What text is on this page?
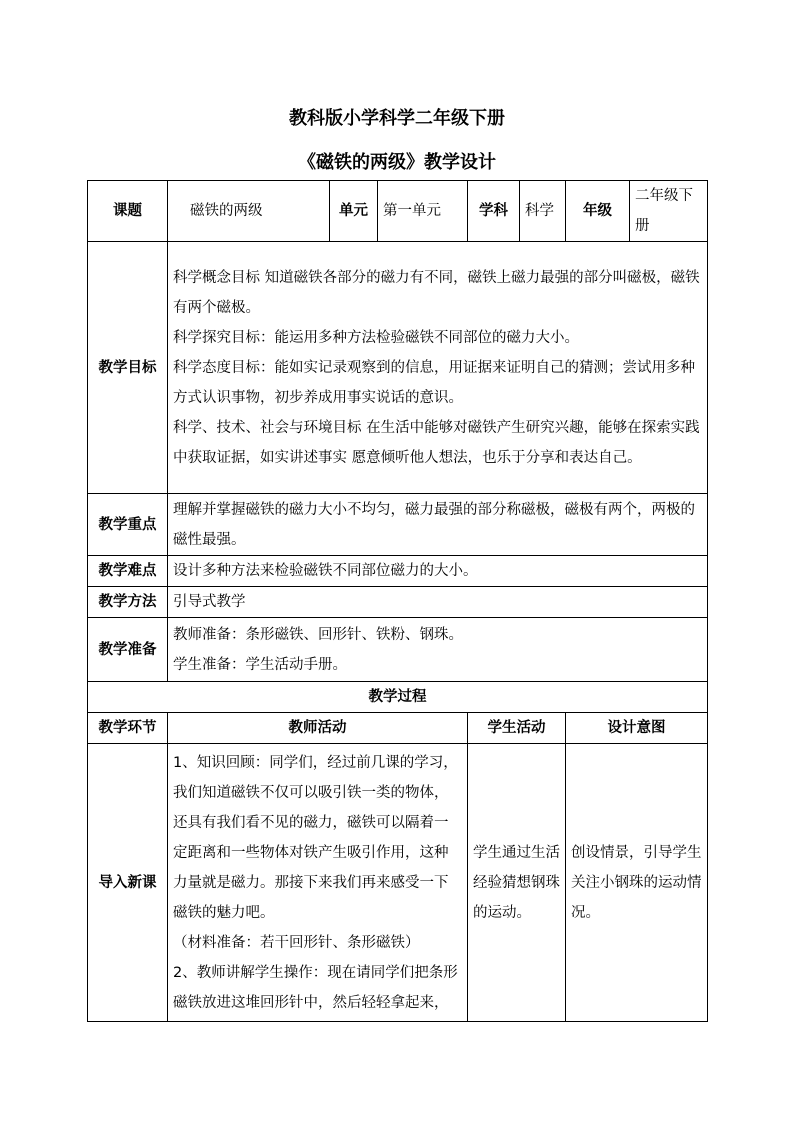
教科版小学科学二年级下册
《磁铁的两级》教学设计
课题	磁铁的两级	单元	第一单元	学科	科学	年级	二年级下册
教学目标	科学概念目标 知道磁铁各部分的磁力有不同，磁铁上磁力最强的部分叫磁极，磁铁有两个磁极。
科学探究目标：能运用多种方法检验磁铁不同部位的磁力大小。
科学态度目标：能如实记录观察到的信息，用证据来证明自己的猜测；尝试用多种方式认识事物，初步养成用事实说话的意识。
科学、技术、社会与环境目标 在生活中能够对磁铁产生研究兴趣，能够在探索实践中获取证据，如实讲述事实 愿意倾听他人想法，也乐于分享和表达自己。						

教学重点	理解并掌握磁铁的磁力大小不均匀，磁力最强的部分称磁极，磁极有两个，两极的磁性最强。						
教学难点	设计多种方法来检验磁铁不同部位磁力的大小。						
教学方法	引导式教学						
教学准备	教师准备：条形磁铁、回形针、铁粉、钢珠。
学生准备：学生活动手册。						

教学过程							
教学环节	教师活动			学生活动		设计意图	
导入新课	1、知识回顾：同学们，经过前几课的学习，我们知道磁铁不仅可以吸引铁一类的物体，还具有我们看不见的磁力，磁铁可以隔着一定距离和一些物体对铁产生吸引作用，这种力量就是磁力。那接下来我们再来感受一下磁铁的魅力吧。
（材料准备：若干回形针、条形磁铁）
2、教师讲解学生操作：现在请同学们把条形磁铁放进这堆回形针中，然后轻轻拿起来，			学生通过生活经验猜想钢珠的运动。		创设情景，引导学生关注小钢珠的运动情况。	
